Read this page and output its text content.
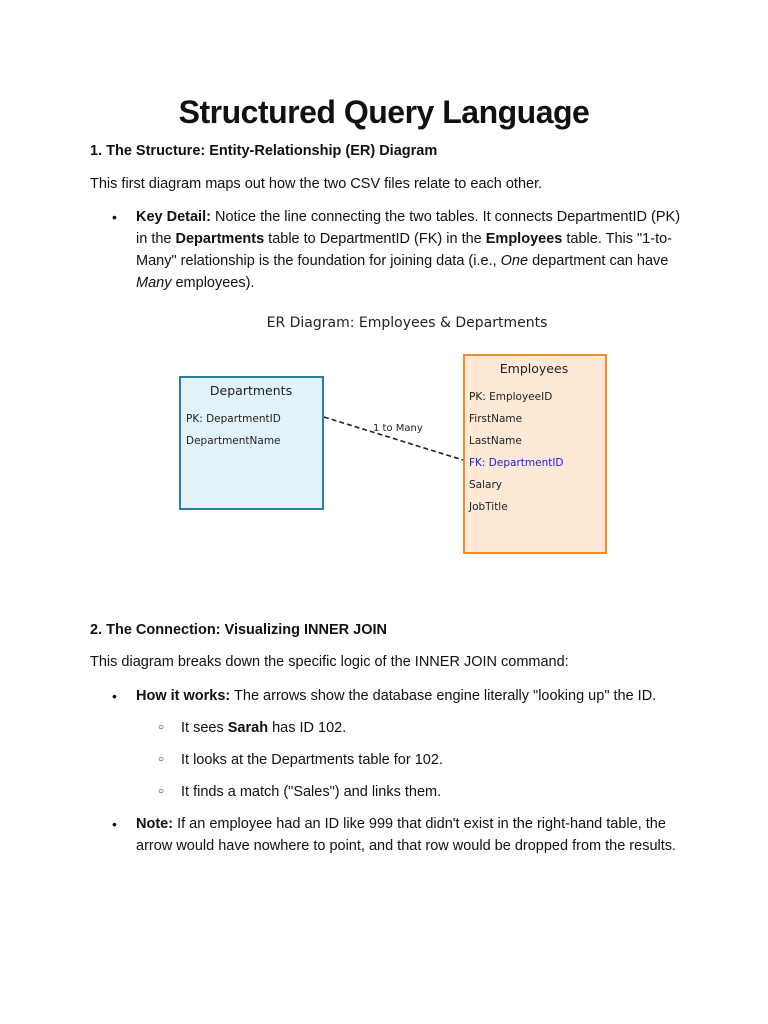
Structured Query Language
1. The Structure: Entity-Relationship (ER) Diagram

This first diagram maps out how the two CSV files relate to each other.

• Key Detail: Notice the line connecting the two tables. It connects DepartmentID (PK) in the Departments table to DepartmentID (FK) in the Employees table. This "1-to-Many" relationship is the foundation for joining data (i.e., One department can have Many employees).
ER Diagram: Employees & Departments
Departments
PK: DepartmentID
DepartmentName
Employees
PK: EmployeeID
FirstName
LastName
FK: DepartmentID
Salary
JobTitle
1 to Many
2. The Connection: Visualizing INNER JOIN

This diagram breaks down the specific logic of the INNER JOIN command:

• How it works: The arrows show the database engine literally "looking up" the ID.
○ It sees Sarah has ID 102.
○ It looks at the Departments table for 102.
○ It finds a match ("Sales") and links them.
• Note: If an employee had an ID like 999 that didn't exist in the right-hand table, the arrow would have nowhere to point, and that row would be dropped from the results.
